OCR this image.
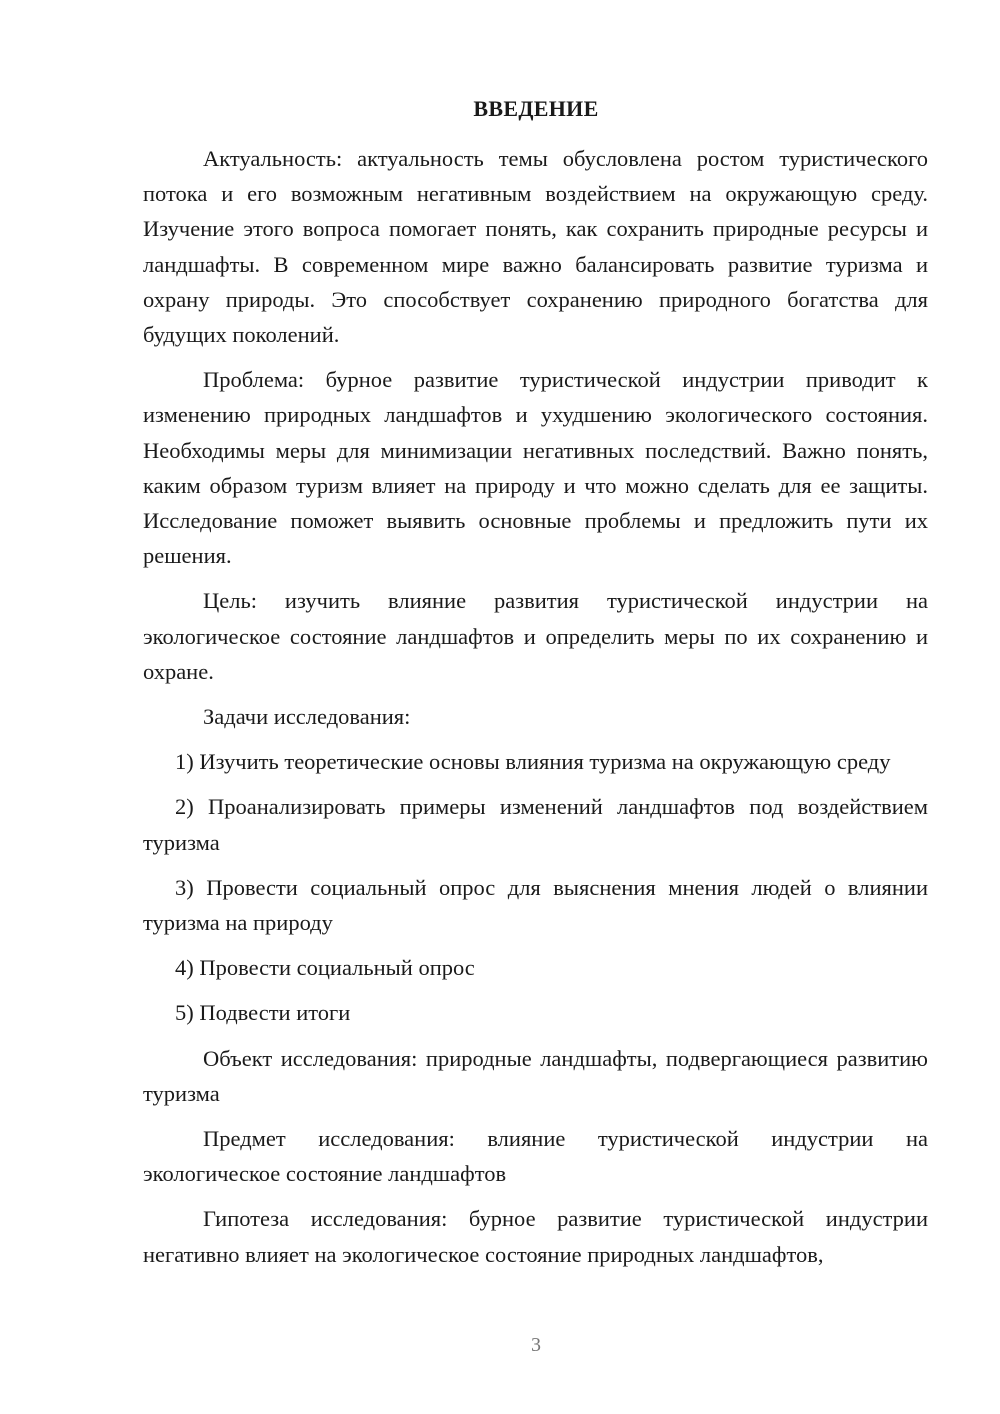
ВВЕДЕНИЕ

Актуальность: актуальность темы обусловлена ростом туристического потока и его возможным негативным воздействием на окружающую среду. Изучение этого вопроса помогает понять, как сохранить природные ресурсы и ландшафты. В современном мире важно балансировать развитие туризма и охрану природы. Это способствует сохранению природного богатства для будущих поколений.

Проблема: бурное развитие туристической индустрии приводит к изменению природных ландшафтов и ухудшению экологического состояния. Необходимы меры для минимизации негативных последствий. Важно понять, каким образом туризм влияет на природу и что можно сделать для ее защиты. Исследование поможет выявить основные проблемы и предложить пути их решения.

Цель: изучить влияние развития туристической индустрии на экологическое состояние ландшафтов и определить меры по их сохранению и охране.

Задачи исследования:

1) Изучить теоретические основы влияния туризма на окружающую среду

2) Проанализировать примеры изменений ландшафтов под воздействием туризма

3) Провести социальный опрос для выяснения мнения людей о влиянии туризма на природу

4) Провести социальный опрос

5) Подвести итоги

Объект исследования: природные ландшафты, подвергающиеся развитию туризма

Предмет исследования: влияние туристической индустрии на экологическое состояние ландшафтов

Гипотеза исследования: бурное развитие туристической индустрии негативно влияет на экологическое состояние природных ландшафтов,

3
